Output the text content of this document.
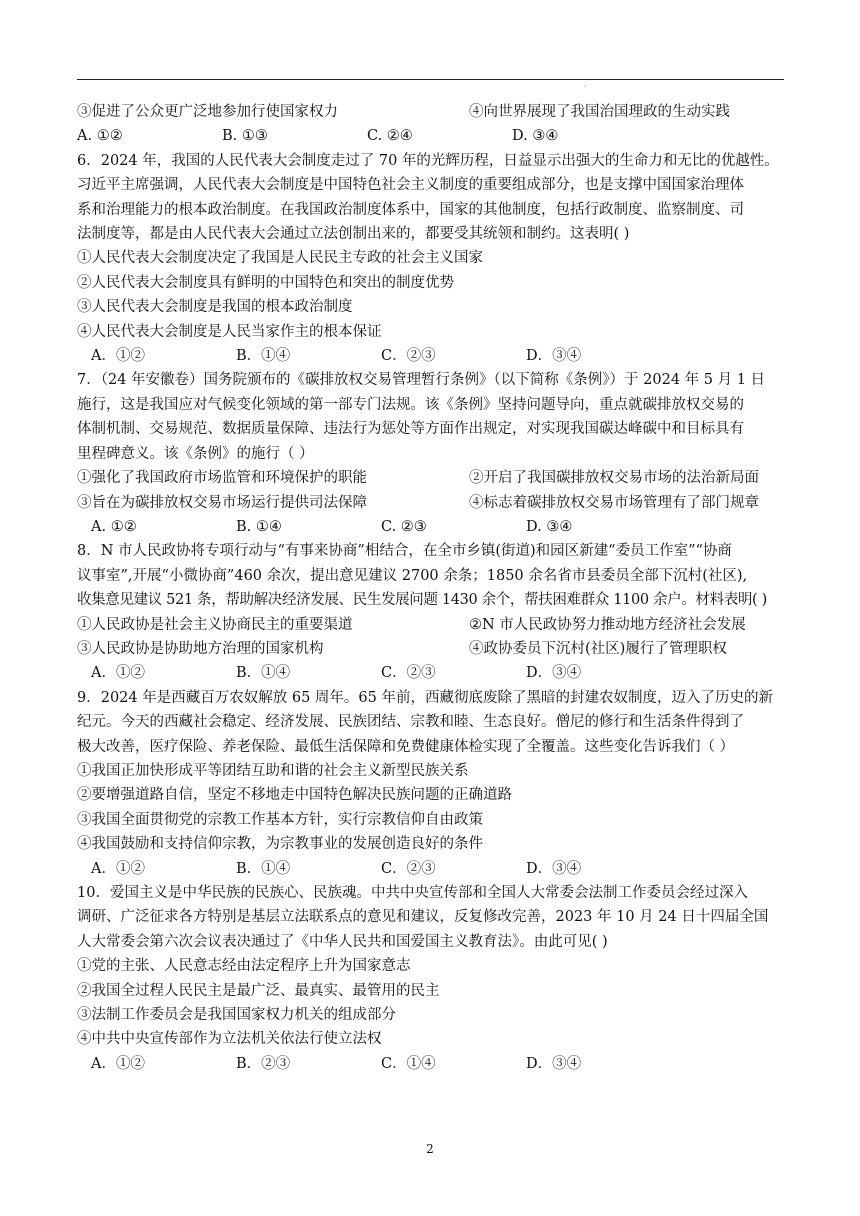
·
③促进了公众更广泛地参加行使国家权力	④向世界展现了我国治国理政的生动实践
A. ①②	B. ①③	C. ②④	D. ③④
6．2024 年，我国的人民代表大会制度走过了 70 年的光辉历程，日益显示出强大的生命力和无比的优越性。
习近平主席强调，人民代表大会制度是中国特色社会主义制度的重要组成部分，也是支撑中国国家治理体
系和治理能力的根本政治制度。在我国政治制度体系中，国家的其他制度，包括行政制度、监察制度、司
法制度等，都是由人民代表大会通过立法创制出来的，都要受其统领和制约。这表明( )
①人民代表大会制度决定了我国是人民民主专政的社会主义国家
②人民代表大会制度具有鲜明的中国特色和突出的制度优势
③人民代表大会制度是我国的根本政治制度
④人民代表大会制度是人民当家作主的根本保证
A．①②	B．①④	C．②③	D．③④
7．（24 年安徽卷）国务院颁布的《碳排放权交易管理暂行条例》（以下简称《条例》）于 2024 年 5 月 1 日
施行，这是我国应对气候变化领域的第一部专门法规。该《条例》坚持问题导向，重点就碳排放权交易的
体制机制、交易规范、数据质量保障、违法行为惩处等方面作出规定，对实现我国碳达峰碳中和目标具有
里程碑意义。该《条例》的施行（ ）
①强化了我国政府市场监管和环境保护的职能	②开启了我国碳排放权交易市场的法治新局面
③旨在为碳排放权交易市场运行提供司法保障	④标志着碳排放权交易市场管理有了部门规章
A. ①②	B. ①④	C. ②③	D. ③④
8．N 市人民政协将专项行动与“有事来协商”相结合，在全市乡镇(街道)和园区新建“委员工作室”“协商
议事室”,开展“小微协商”460 余次，提出意见建议 2700 余条；1850 余名省市县委员全部下沉村(社区),
收集意见建议 521 条，帮助解决经济发展、民生发展问题 1430 余个，帮扶困难群众 1100 余户。材料表明( )
①人民政协是社会主义协商民主的重要渠道	②N 市人民政协努力推动地方经济社会发展
③人民政协是协助地方治理的国家机构	④政协委员下沉村(社区)履行了管理职权
A．①②	B．①④	C．②③	D．③④
9．2024 年是西藏百万农奴解放 65 周年。65 年前，西藏彻底废除了黑暗的封建农奴制度，迈入了历史的新
纪元。今天的西藏社会稳定、经济发展、民族团结、宗教和睦、生态良好。僧尼的修行和生活条件得到了
极大改善，医疗保险、养老保险、最低生活保障和免费健康体检实现了全覆盖。这些变化告诉我们（ ）
①我国正加快形成平等团结互助和谐的社会主义新型民族关系
②要增强道路自信，坚定不移地走中国特色解决民族问题的正确道路
③我国全面贯彻党的宗教工作基本方针，实行宗教信仰自由政策
④我国鼓励和支持信仰宗教，为宗教事业的发展创造良好的条件
A．①②	B．①④	C．②③	D．③④
10．爱国主义是中华民族的民族心、民族魂。中共中央宣传部和全国人大常委会法制工作委员会经过深入
调研、广泛征求各方特别是基层立法联系点的意见和建议，反复修改完善，2023 年 10 月 24 日十四届全国
人大常委会第六次会议表决通过了《中华人民共和国爱国主义教育法》。由此可见( )
①党的主张、人民意志经由法定程序上升为国家意志
②我国全过程人民民主是最广泛、最真实、最管用的民主
③法制工作委员会是我国国家权力机关的组成部分
④中共中央宣传部作为立法机关依法行使立法权
A．①②	B．②③	C．①④	D．③④
2
